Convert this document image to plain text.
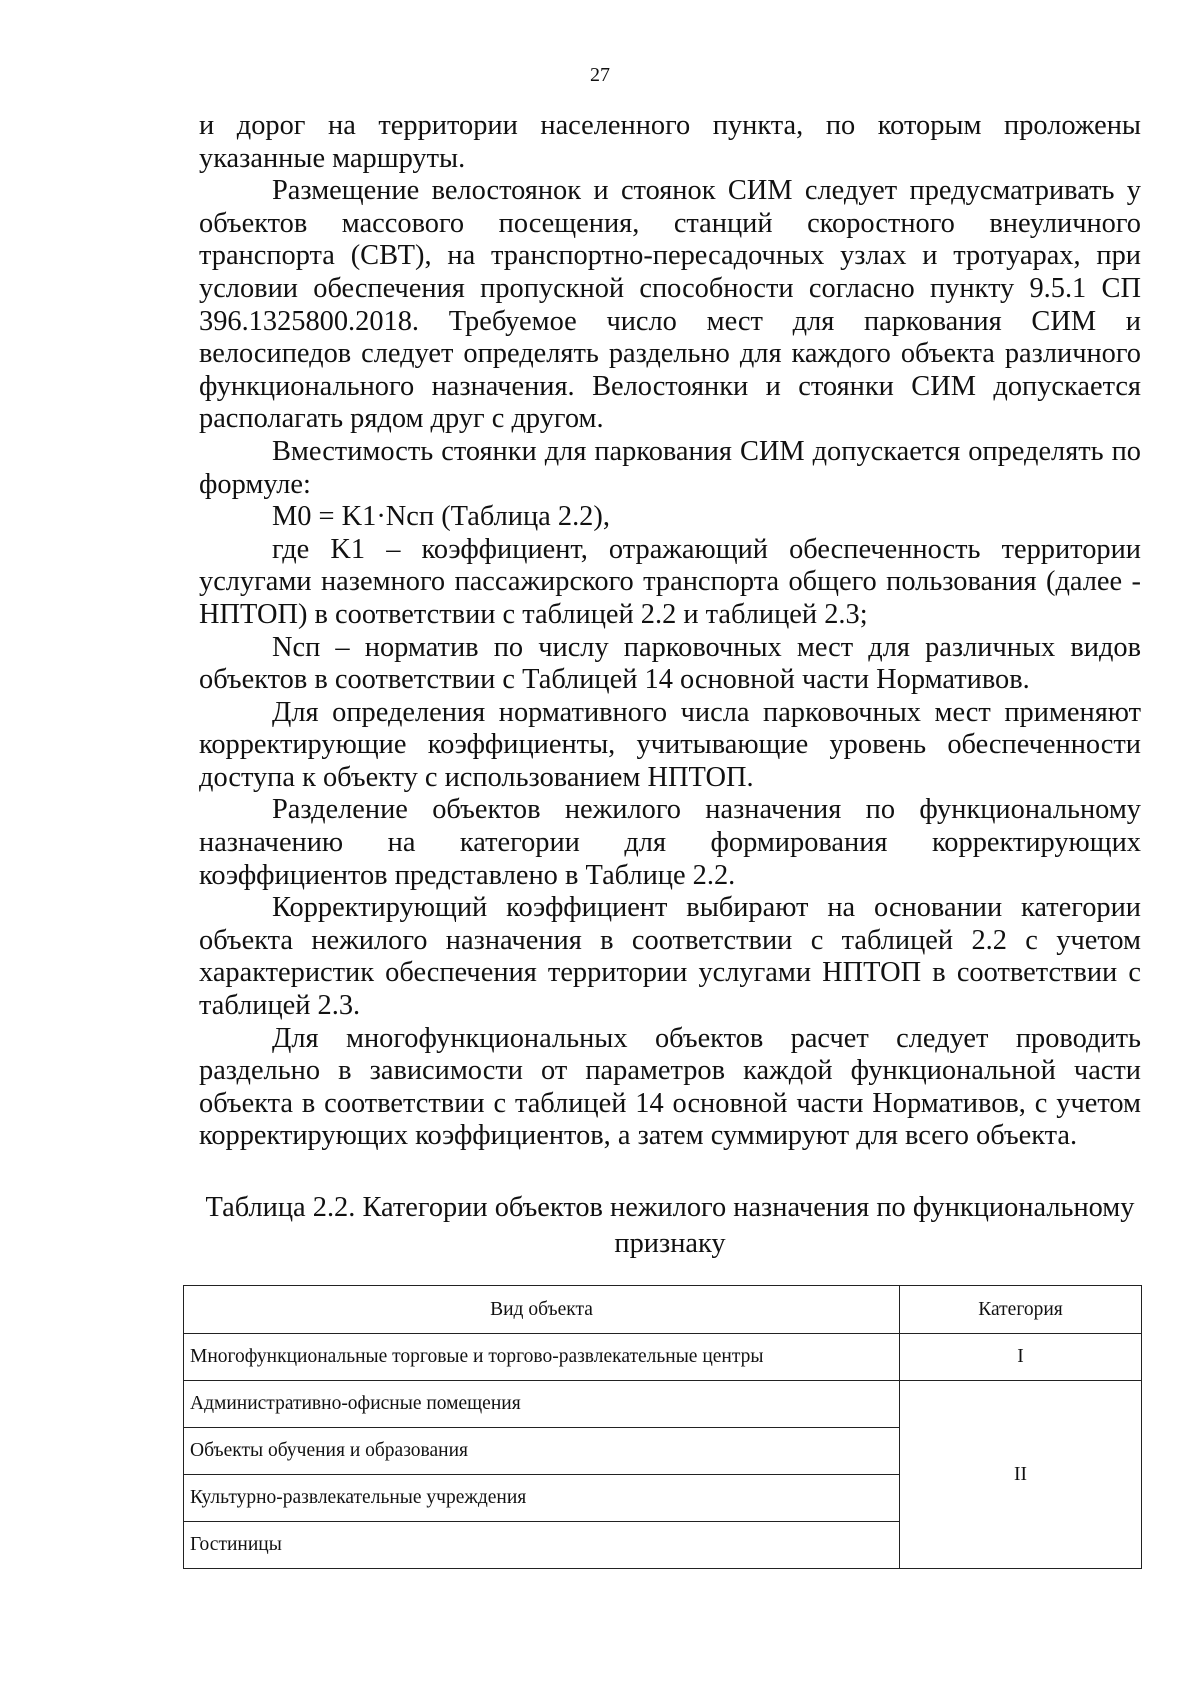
27

и дорог на территории населенного пункта, по которым проложены указанные маршруты.

Размещение велостоянок и стоянок СИМ следует предусматривать у объектов массового посещения, станций скоростного внеуличного транспорта (СВТ), на транспортно-пересадочных узлах и тротуарах, при условии обеспечения пропускной способности согласно пункту 9.5.1 СП 396.1325800.2018. Требуемое число мест для паркования СИМ и велосипедов следует определять раздельно для каждого объекта различного функционального назначения. Велостоянки и стоянки СИМ допускается располагать рядом друг с другом.

Вместимость стоянки для паркования СИМ допускается определять по формуле:

M0 = K1·Nсп (Таблица 2.2),

где K1 – коэффициент, отражающий обеспеченность территории услугами наземного пассажирского транспорта общего пользования (далее - НПТОП) в соответствии с таблицей 2.2 и таблицей 2.3;

Nсп – норматив по числу парковочных мест для различных видов объектов в соответствии с Таблицей 14 основной части Нормативов.

Для определения нормативного числа парковочных мест применяют корректирующие коэффициенты, учитывающие уровень обеспеченности доступа к объекту с использованием НПТОП.

Разделение объектов нежилого назначения по функциональному назначению на категории для формирования корректирующих коэффициентов представлено в Таблице 2.2.

Корректирующий коэффициент выбирают на основании категории объекта нежилого назначения в соответствии с таблицей 2.2 с учетом характеристик обеспечения территории услугами НПТОП в соответствии с таблицей 2.3.

Для многофункциональных объектов расчет следует проводить раздельно в зависимости от параметров каждой функциональной части объекта в соответствии с таблицей 14 основной части Нормативов, с учетом корректирующих коэффициентов, а затем суммируют для всего объекта.

Таблица 2.2. Категории объектов нежилого назначения по функциональному признаку
Вид объекта	Категория
Многофункциональные торговые и торгово-развлекательные центры	I
Административно-офисные помещения	II
Объекты обучения и образования	
Культурно-развлекательные учреждения	
Гостиницы	
